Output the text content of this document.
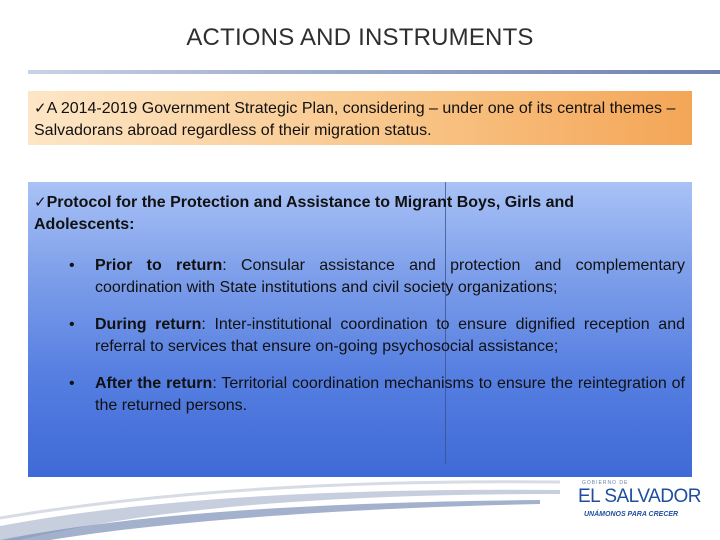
ACTIONS AND INSTRUMENTS
✓A 2014-2019 Government Strategic Plan, considering – under one of its central themes – Salvadorans abroad regardless of their migration status.
✓Protocol for the Protection and Assistance to Migrant Boys, Girls and Adolescents:
• Prior to return: Consular assistance and protection and complementary coordination with State institutions and civil society organizations;
• During return: Inter-institutional coordination to ensure dignified reception and referral to services that ensure on-going psychosocial assistance;
• After the return: Territorial coordination mechanisms to ensure the reintegration of the returned persons.
GOBIERNO DE
EL SALVADOR
UNÁMONOS PARA CRECER
